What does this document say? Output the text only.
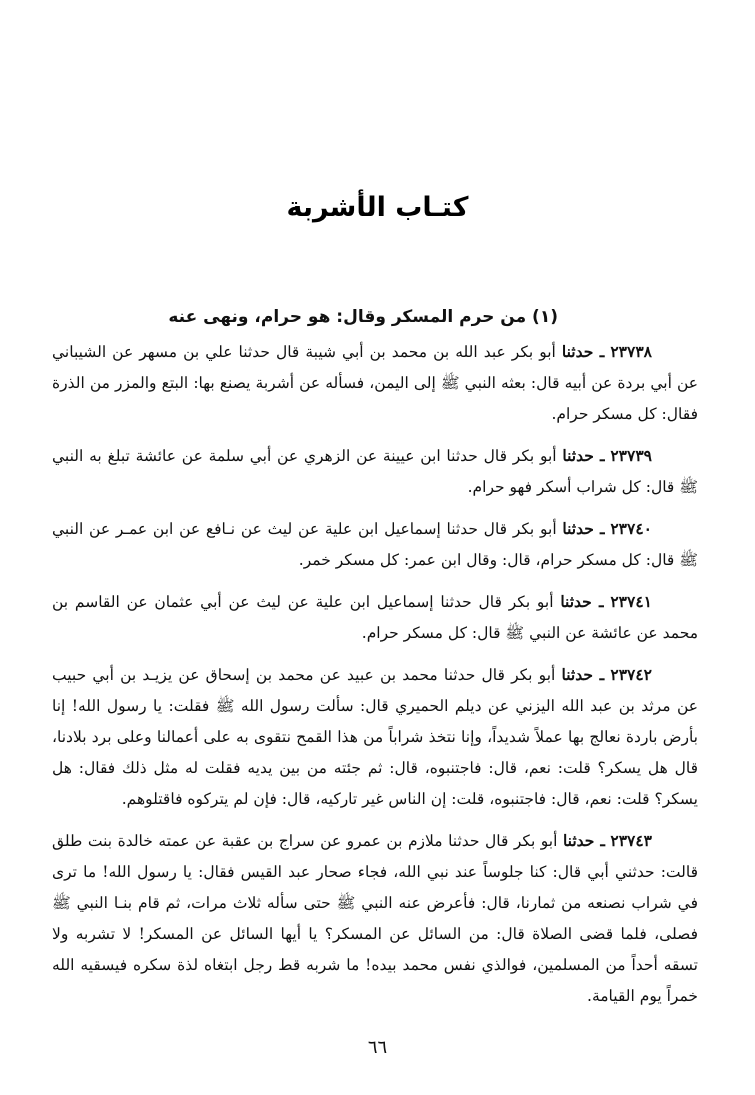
كتـاب الأشربة
(١) من حرم المسكر وقال: هو حرام، ونهى عنه

٢٣٧٣٨ ـ حدثنا أبو بكر عبد الله بن محمد بن أبي شيبة قال حدثنا علي بن مسهر عن الشيباني عن أبي بردة عن أبيه قال: بعثه النبي ﷺ إلى اليمن، فسأله عن أشربة يصنع بها: البتع والمزر من الذرة فقال: كل مسكر حرام.

٢٣٧٣٩ ـ حدثنا أبو بكر قال حدثنا ابن عيينة عن الزهري عن أبي سلمة عن عائشة تبلغ به النبي ﷺ قال: كل شراب أسكر فهو حرام.

٢٣٧٤٠ ـ حدثنا أبو بكر قال حدثنا إسماعيل ابن علية عن ليث عن نـافع عن ابن عمـر عن النبي ﷺ قال: كل مسكر حرام، قال: وقال ابن عمر: كل مسكر خمر.

٢٣٧٤١ ـ حدثنا أبو بكر قال حدثنا إسماعيل ابن علية عن ليث عن أبي عثمان عن القاسم بن محمد عن عائشة عن النبي ﷺ قال: كل مسكر حرام.

٢٣٧٤٢ ـ حدثنا أبو بكر قال حدثنا محمد بن عبيد عن محمد بن إسحاق عن يزيـد بن أبي حبيب عن مرثد بن عبد الله اليزني عن ديلم الحميري قال: سألت رسول الله ﷺ فقلت: يا رسول الله! إنا بأرض باردة نعالج بها عملاً شديداً، وإنا نتخذ شراباً من هذا القمح نتقوى به على أعمالنا وعلى برد بلادنا، قال هل يسكر؟ قلت: نعم، قال: فاجتنبوه، قال: ثم جئته من بين يديه فقلت له مثل ذلك فقال: هل يسكر؟ قلت: نعم، قال: فاجتنبوه، قلت: إن الناس غير تاركيه، قال: فإن لم يتركوه فاقتلوهم.

٢٣٧٤٣ ـ حدثنا أبو بكر قال حدثنا ملازم بن عمرو عن سراج بن عقبة عن عمته خالدة بنت طلق قالت: حدثني أبي قال: كنا جلوساً عند نبي الله، فجاء صحار عبد القيس فقال: يا رسول الله! ما ترى في شراب نصنعه من ثمارنا، قال: فأعرض عنه النبي ﷺ حتى سأله ثلاث مرات، ثم قام بنـا النبي ﷺ فصلى، فلما قضى الصلاة قال: من السائل عن المسكر؟ يا أيها السائل عن المسكر! لا تشربه ولا تسقه أحداً من المسلمين، فوالذي نفس محمد بيده! ما شربه قط رجل ابتغاه لذة سكره فيسقيه الله خمراً يوم القيامة.

٦٦
